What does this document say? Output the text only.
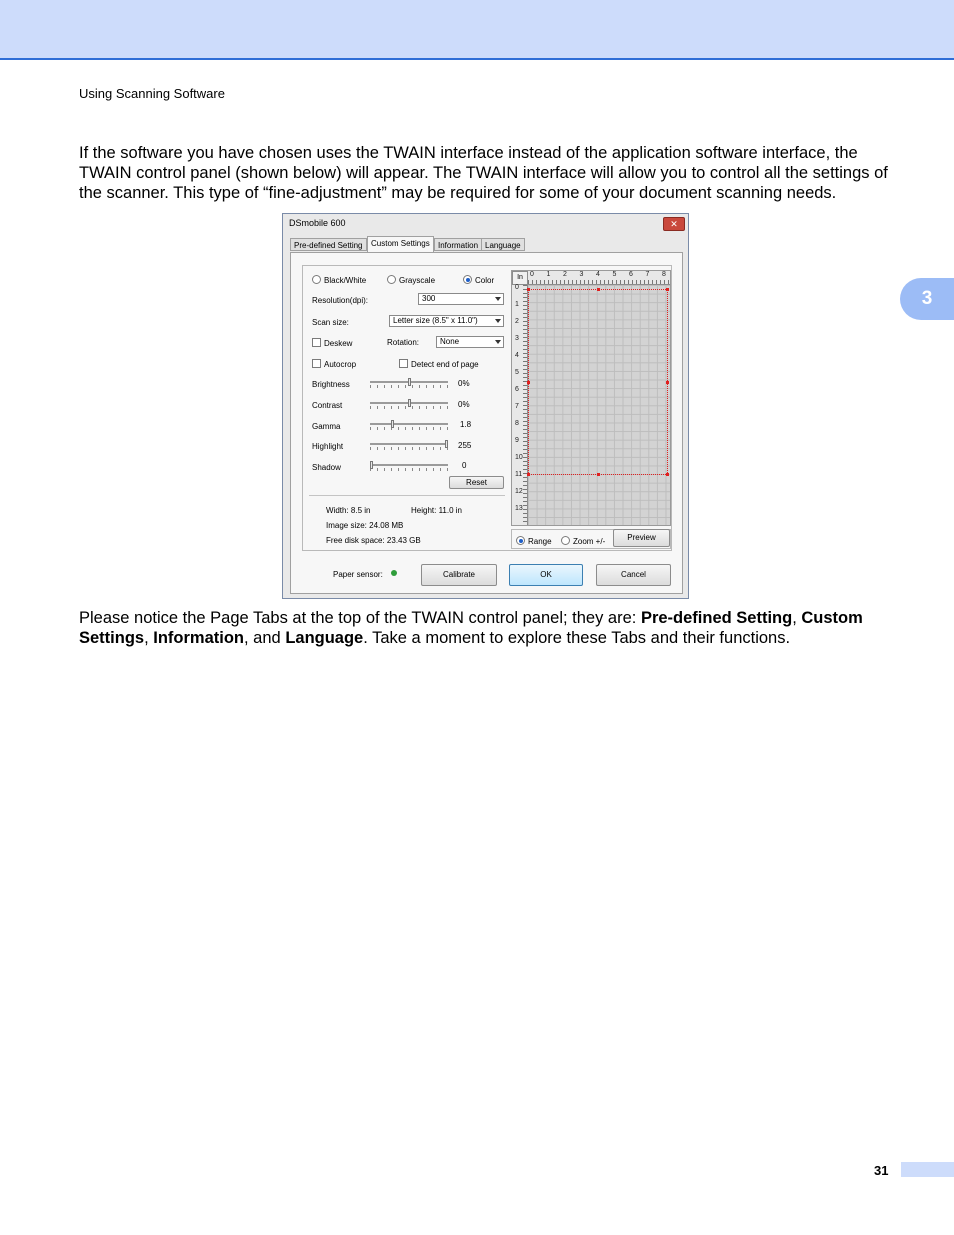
Using Scanning Software
3

If the software you have chosen uses the TWAIN interface instead of the application software interface, the TWAIN control panel (shown below) will appear. The TWAIN interface will allow you to control all the settings of the scanner. This type of “fine-adjustment” may be required for some of your document scanning needs.

DSmobile 600	✕
Pre-defined Setting	Custom Settings	Information Language
Black/White	Grayscale	Color
Resolution(dpi):	300
Scan size:	Letter size (8.5" x 11.0")
Deskew	Rotation:	None
Autocrop	Detect end of page
Brightness	0%
Contrast	0%
Gamma	1.8
Highlight	255
Shadow	0
Reset
Width: 8.5 in	Height: 11.0 in
Image size: 24.08 MB
Free disk space: 23.43 GB
In	0 1 2 3 4 5 6 7 8
0
1
2
3
4
5
6
7
8
9
10
11
12
13
Range	Zoom +/-	Preview
Paper sensor:	Calibrate	OK	Cancel

Please notice the Page Tabs at the top of the TWAIN control panel; they are: Pre-defined Setting, Custom Settings, Information, and Language. Take a moment to explore these Tabs and their functions.

31
